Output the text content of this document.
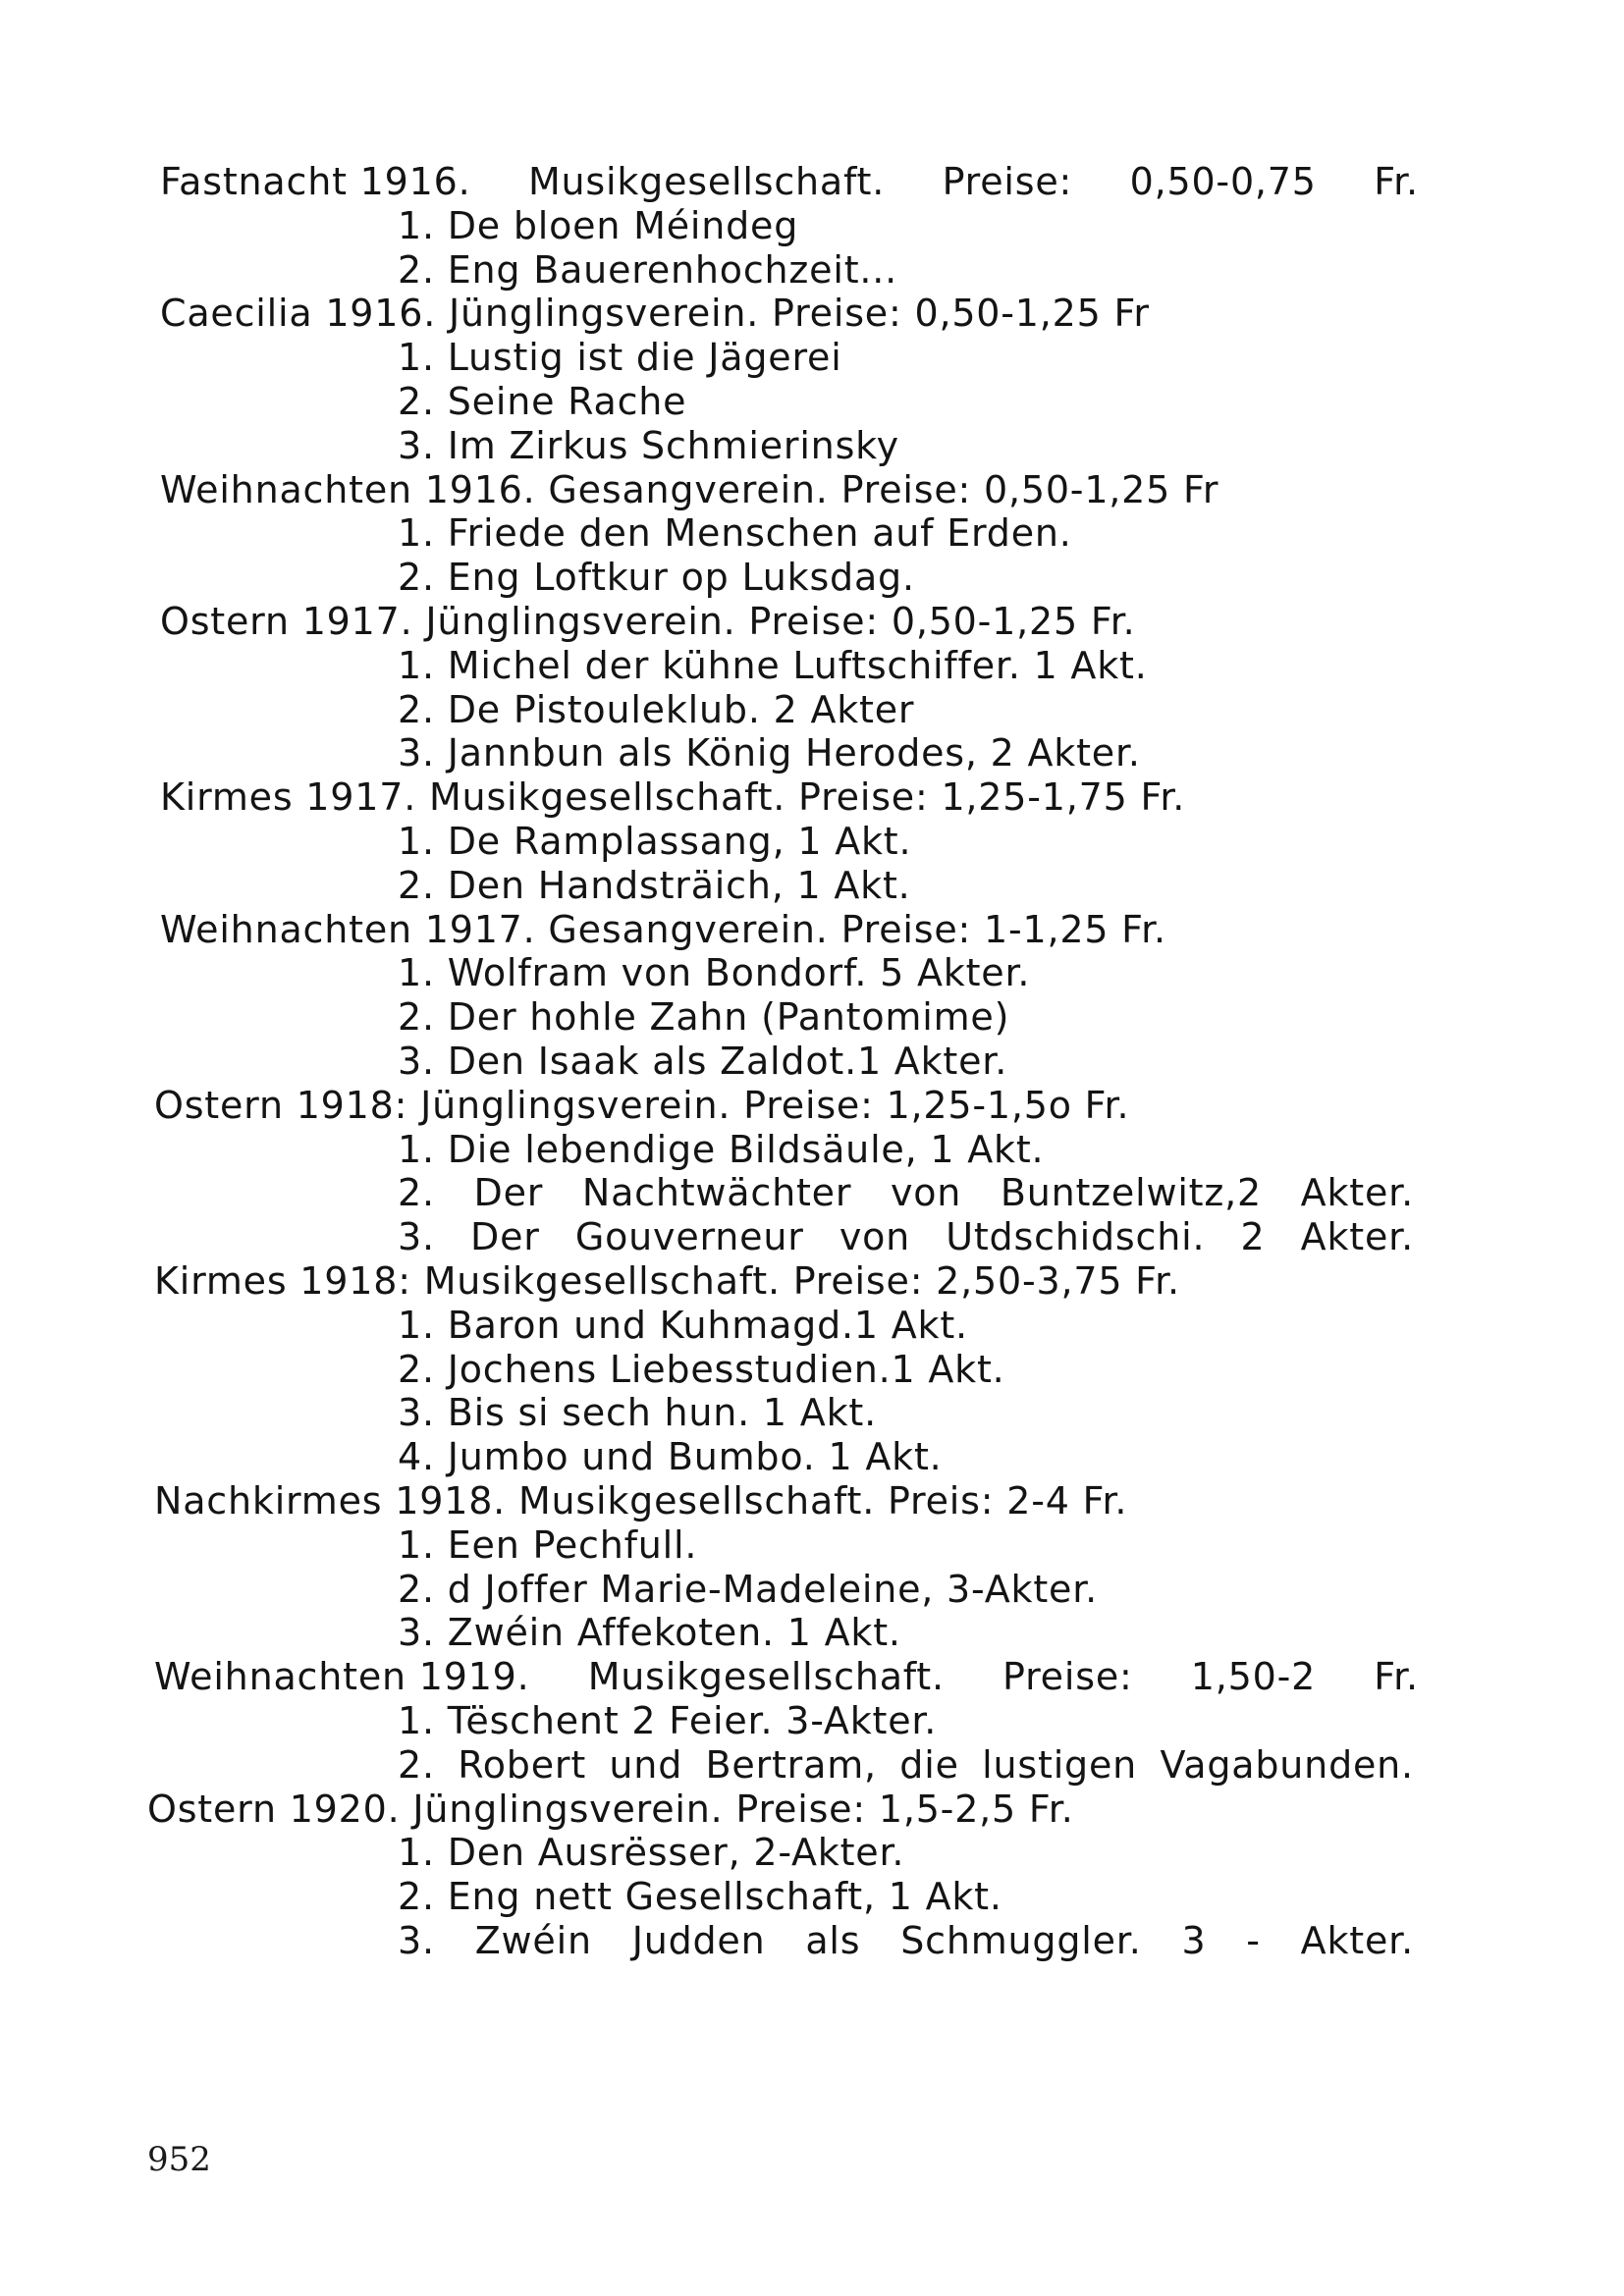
Fastnacht 1916. Musikgesellschaft. Preise: 0,50-0,75 Fr.
1. De bloen Méindeg
2. Eng Bauerenhochzeit...
Caecilia 1916. Jünglingsverein. Preise: 0,50-1,25 Fr
1. Lustig ist die Jägerei
2. Seine Rache
3. Im Zirkus Schmierinsky
Weihnachten 1916. Gesangverein. Preise: 0,50-1,25 Fr
1. Friede den Menschen auf Erden.
2. Eng Loftkur op Luksdag.
Ostern 1917. Jünglingsverein. Preise: 0,50-1,25 Fr.
1. Michel der kühne Luftschiffer. 1 Akt.
2. De Pistouleklub. 2 Akter
3. Jannbun als König Herodes, 2 Akter.
Kirmes 1917. Musikgesellschaft. Preise: 1,25-1,75 Fr.
1. De Ramplassang, 1 Akt.
2. Den Handsträich, 1 Akt.
Weihnachten 1917. Gesangverein. Preise: 1-1,25 Fr.
1. Wolfram von Bondorf. 5 Akter.
2. Der hohle Zahn (Pantomime)
3. Den Isaak als Zaldot.1 Akter.
Ostern 1918: Jünglingsverein. Preise: 1,25-1,5o Fr.
1. Die lebendige Bildsäule, 1 Akt.
2. Der Nachtwächter von Buntzelwitz,2 Akter.
3. Der Gouverneur von Utdschidschi. 2 Akter.
Kirmes 1918: Musikgesellschaft. Preise: 2,50-3,75 Fr.
1. Baron und Kuhmagd.1 Akt.
2. Jochens Liebesstudien.1 Akt.
3. Bis si sech hun. 1 Akt.
4. Jumbo und Bumbo. 1 Akt.
Nachkirmes 1918. Musikgesellschaft. Preis: 2-4 Fr.
1. Een Pechfull.
2. d Joffer Marie-Madeleine, 3-Akter.
3. Zwéin Affekoten. 1 Akt.
Weihnachten 1919. Musikgesellschaft. Preise: 1,50-2 Fr.
1. Tëschent 2 Feier. 3-Akter.
2. Robert und Bertram, die lustigen Vagabunden.
Ostern 1920. Jünglingsverein. Preise: 1,5-2,5 Fr.
1. Den Ausrësser, 2-Akter.
2. Eng nett Gesellschaft, 1 Akt.
3. Zwéin Judden als Schmuggler. 3 - Akter.
952
